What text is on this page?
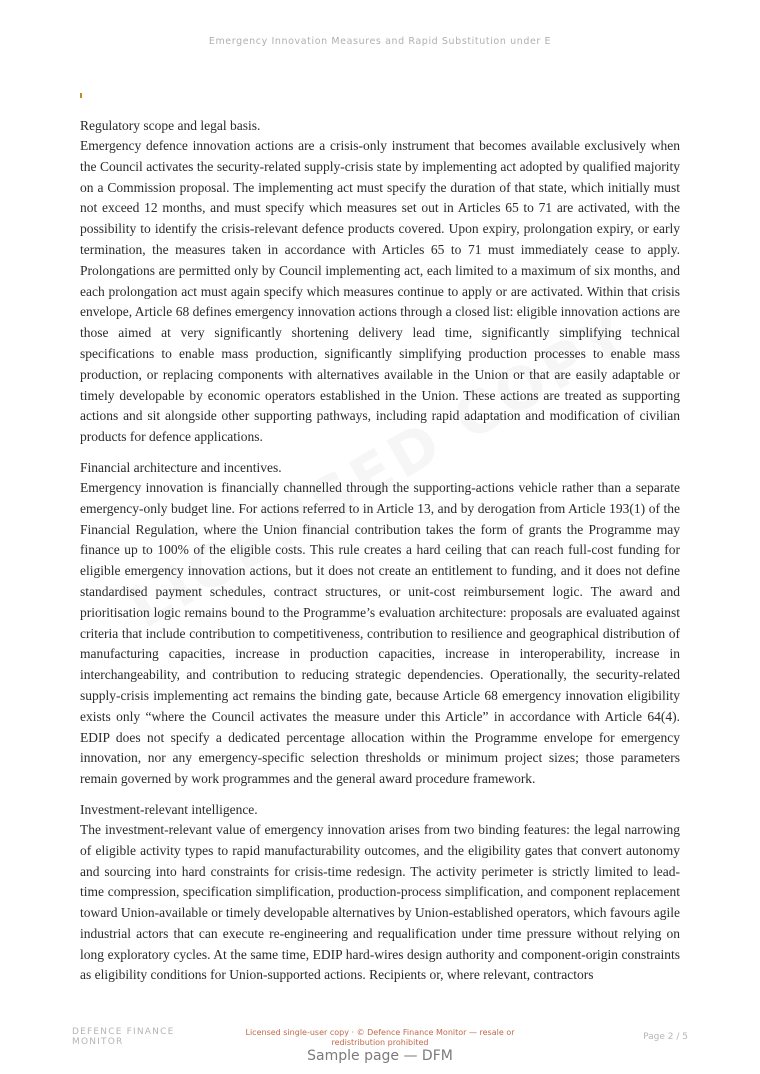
Emergency Innovation Measures and Rapid Substitution under E

Regulatory scope and legal basis.

Emergency defence innovation actions are a crisis-only instrument that becomes available exclusively when the Council activates the security-related supply-crisis state by implementing act adopted by qualified majority on a Commission proposal. The implementing act must specify the duration of that state, which initially must not exceed 12 months, and must specify which measures set out in Articles 65 to 71 are activated, with the possibility to identify the crisis-relevant defence products covered. Upon expiry, prolongation expiry, or early termination, the measures taken in accordance with Articles 65 to 71 must immediately cease to apply. Prolongations are permitted only by Council implementing act, each limited to a maximum of six months, and each prolongation act must again specify which measures continue to apply or are activated. Within that crisis envelope, Article 68 defines emergency innovation actions through a closed list: eligible innovation actions are those aimed at very significantly shortening delivery lead time, significantly simplifying technical specifications to enable mass production, significantly simplifying production processes to enable mass production, or replacing components with alternatives available in the Union or that are easily adaptable or timely developable by economic operators established in the Union. These actions are treated as supporting actions and sit alongside other supporting pathways, including rapid adaptation and modification of civilian products for defence applications.

Financial architecture and incentives.

Emergency innovation is financially channelled through the supporting-actions vehicle rather than a separate emergency-only budget line. For actions referred to in Article 13, and by derogation from Article 193(1) of the Financial Regulation, where the Union financial contribution takes the form of grants the Programme may finance up to 100% of the eligible costs. This rule creates a hard ceiling that can reach full-cost funding for eligible emergency innovation actions, but it does not create an entitlement to funding, and it does not define standardised payment schedules, contract structures, or unit-cost reimbursement logic. The award and prioritisation logic remains bound to the Programme’s evaluation architecture: proposals are evaluated against criteria that include contribution to competitiveness, contribution to resilience and geographical distribution of manufacturing capacities, increase in production capacities, increase in interoperability, increase in interchangeability, and contribution to reducing strategic dependencies. Operationally, the security-related supply-crisis implementing act remains the binding gate, because Article 68 emergency innovation eligibility exists only “where the Council activates the measure under this Article” in accordance with Article 64(4). EDIP does not specify a dedicated percentage allocation within the Programme envelope for emergency innovation, nor any emergency-specific selection thresholds or minimum project sizes; those parameters remain governed by work programmes and the general award procedure framework.

Investment-relevant intelligence.

The investment-relevant value of emergency innovation arises from two binding features: the legal narrowing of eligible activity types to rapid manufacturability outcomes, and the eligibility gates that convert autonomy and sourcing into hard constraints for crisis-time redesign. The activity perimeter is strictly limited to lead-time compression, specification simplification, production-process simplification, and component replacement toward Union-available or timely developable alternatives by Union-established operators, which favours agile industrial actors that can execute re-engineering and requalification under time pressure without relying on long exploratory cycles. At the same time, EDIP hard-wires design authority and component-origin constraints as eligibility conditions for Union-supported actions. Recipients or, where relevant, contractors

DEFENCE FINANCE MONITOR
Licensed single-user copy · © Defence Finance Monitor — resale or redistribution prohibited
Page 2 / 5
Sample page — DFM
